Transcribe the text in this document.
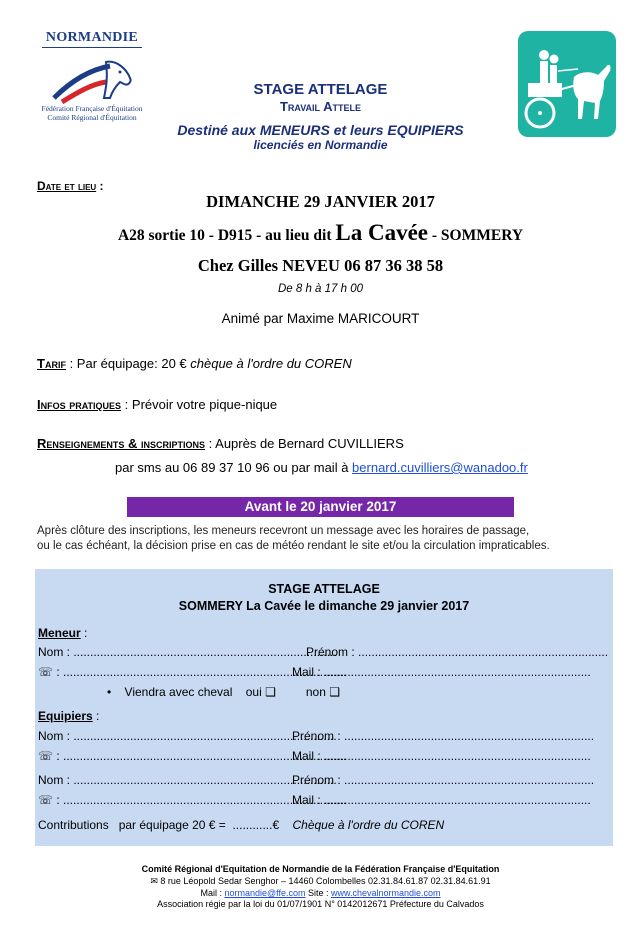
NORMANDIE
Fédération Française d'Équitation
Comité Régional d'Équitation
STAGE ATTELAGE
Travail Attele
Destiné aux MENEURS et leurs EQUIPIERS
licenciés en Normandie
Date et lieu :
DIMANCHE 29 JANVIER 2017
A28 sortie 10 - D915 - au lieu dit La Cavée - SOMMERY
Chez Gilles NEVEU 06 87 36 38 58
De 8 h à 17 h 00
Animé par Maxime MARICOURT
Tarif : Par équipage: 20 € chèque à l'ordre du COREN
Infos pratiques : Prévoir votre pique-nique
Renseignements & inscriptions : Auprès de Bernard CUVILLIERS
par sms au 06 89 37 10 96 ou par mail à bernard.cuvilliers@wanadoo.fr
Avant le 20 janvier 2017
Après clôture des inscriptions, les meneurs recevront un message avec les horaires de passage,
ou le cas échéant, la décision prise en cas de météo rendant le site et/ou la circulation impraticables.
STAGE ATTELAGE
SOMMERY La Cavée le dimanche 29 janvier 2017
Meneur :
Nom : ...............................................................................
Prénom : ...........................................................................
☏ : .....................................................................................
Mail : ................................................................................
•    Viendra avec cheval    oui ❑         non ❑
Equipiers :
Nom : ...............................................................................
Prénom : ...........................................................................
☏ : .....................................................................................
Mail : ................................................................................
Nom : ...............................................................................
Prénom : ...........................................................................
☏ : .....................................................................................
Mail : ................................................................................
Contributions   par équipage 20 € =  ............€    Chèque à l'ordre du COREN
Comité Régional d'Equitation de Normandie de la Fédération Française d'Equitation
✉ 8 rue Léopold Sedar Senghor – 14460 Colombelles 02.31.84.61.87 02.31.84.61.91
Mail : normandie@ffe.com Site : www.chevalnormandie.com
Association régie par la loi du 01/07/1901 N° 0142012671 Préfecture du Calvados
